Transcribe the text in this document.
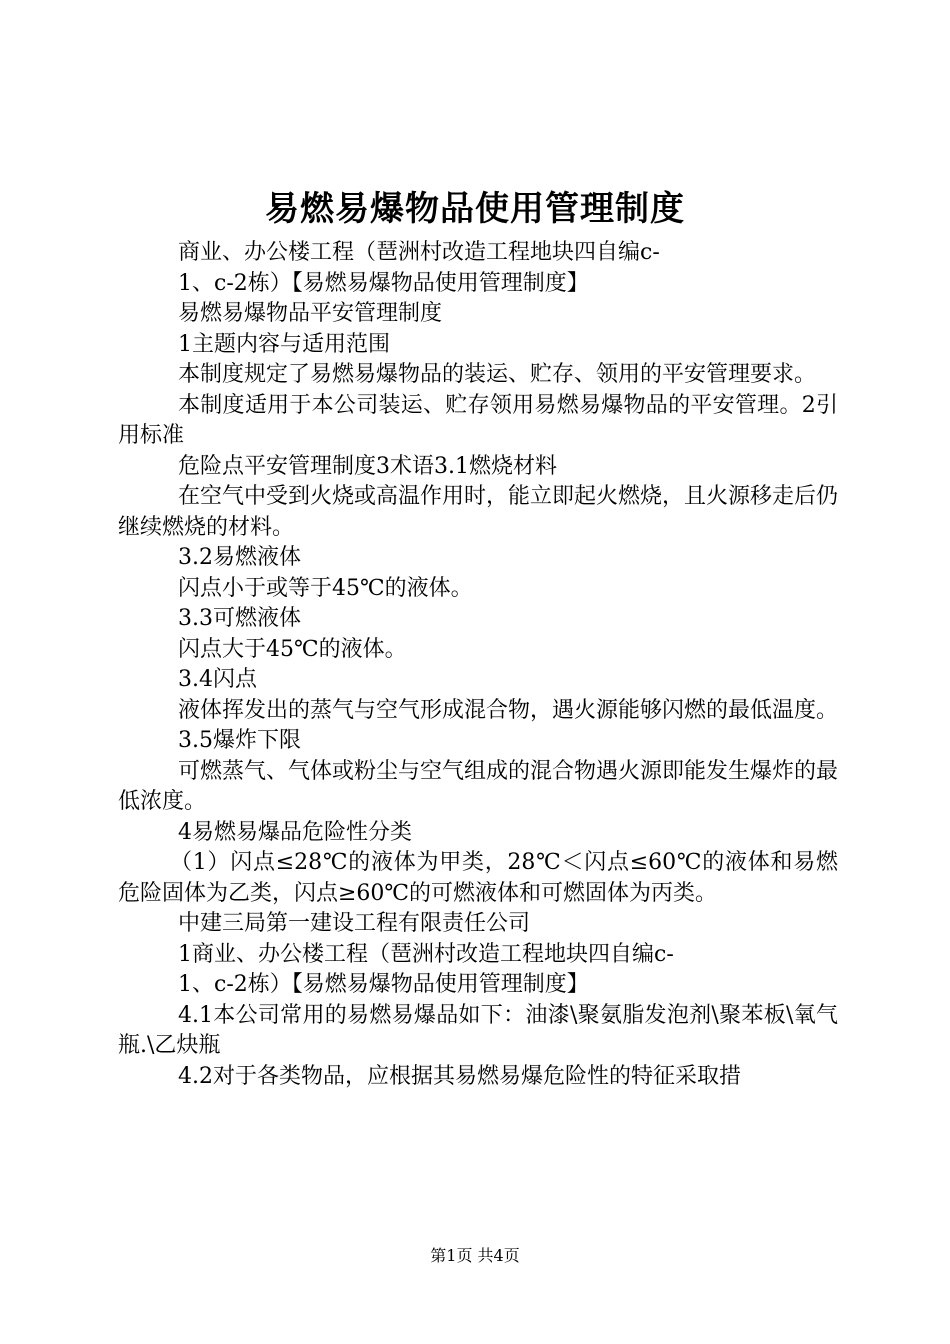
易燃易爆物品使用管理制度

商业、办公楼工程（琶洲村改造工程地块四自编c-

1、c-2栋）【易燃易爆物品使用管理制度】

易燃易爆物品平安管理制度

1主题内容与适用范围

本制度规定了易燃易爆物品的装运、贮存、领用的平安管理要求。

本制度适用于本公司装运、贮存领用易燃易爆物品的平安管理。2引用标准

危险点平安管理制度3术语3.1燃烧材料

在空气中受到火烧或高温作用时，能立即起火燃烧，且火源移走后仍继续燃烧的材料。

3.2易燃液体

闪点小于或等于45℃的液体。

3.3可燃液体

闪点大于45℃的液体。

3.4闪点

液体挥发出的蒸气与空气形成混合物，遇火源能够闪燃的最低温度。

3.5爆炸下限

可燃蒸气、气体或粉尘与空气组成的混合物遇火源即能发生爆炸的最低浓度。

4易燃易爆品危险性分类

（1）闪点≤28℃的液体为甲类，28℃＜闪点≤60℃的液体和易燃危险固体为乙类，闪点≥60℃的可燃液体和可燃固体为丙类。

中建三局第一建设工程有限责任公司

1商业、办公楼工程（琶洲村改造工程地块四自编c-

1、c-2栋）【易燃易爆物品使用管理制度】

4.1本公司常用的易燃易爆品如下：油漆\聚氨脂发泡剂\聚苯板\氧气瓶.\乙炔瓶

4.2对于各类物品，应根据其易燃易爆危险性的特征采取措

第1页 共4页
